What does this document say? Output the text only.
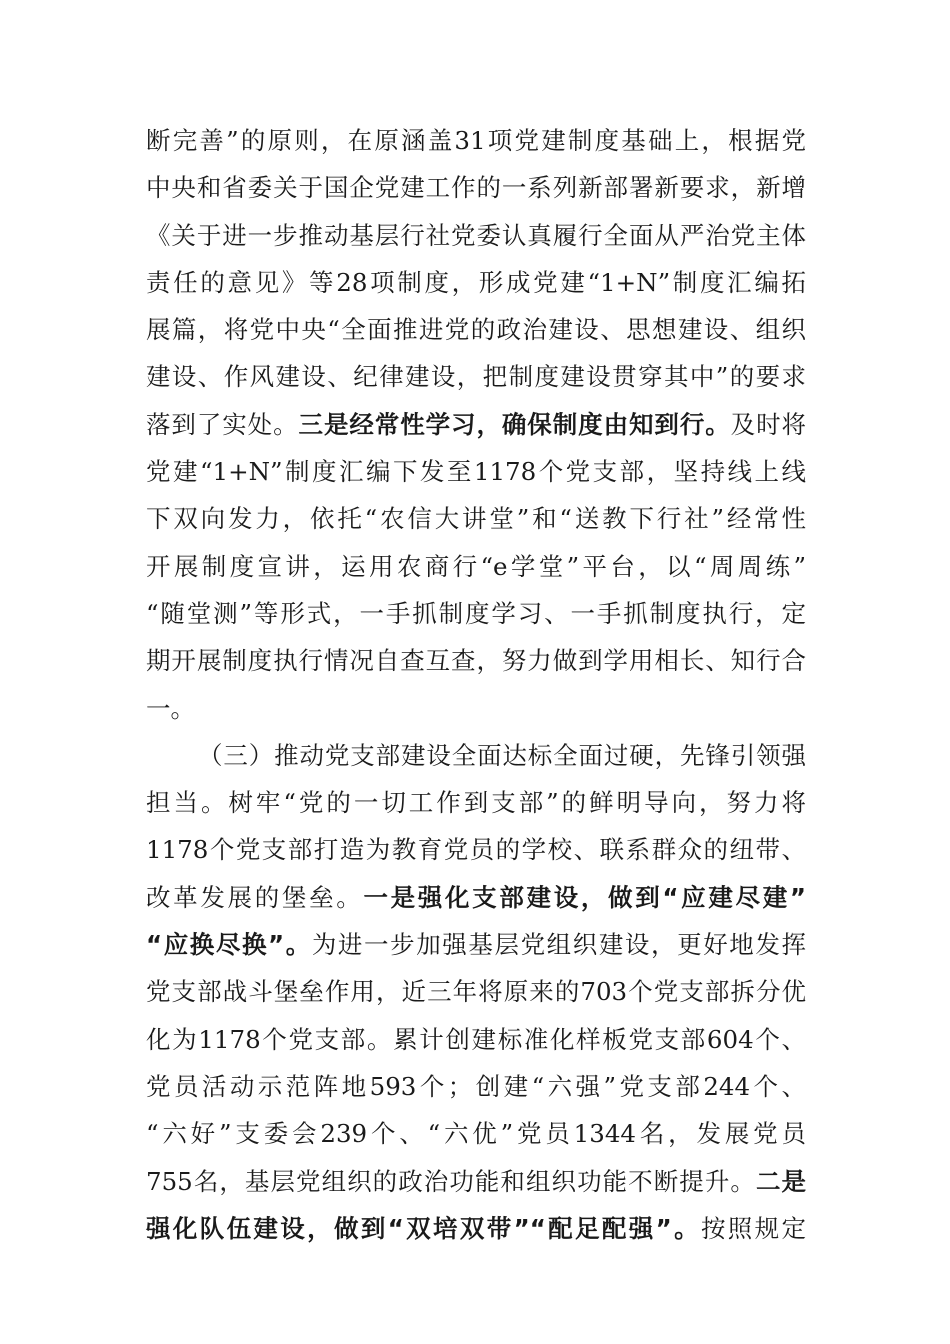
断完善”的原则，在原涵盖31项党建制度基础上，根据党
中央和省委关于国企党建工作的一系列新部署新要求，新增
《关于进一步推动基层行社党委认真履行全面从严治党主体
责任的意见》等28项制度，形成党建“1+N”制度汇编拓
展篇，将党中央“全面推进党的政治建设、思想建设、组织
建设、作风建设、纪律建设，把制度建设贯穿其中”的要求
落到了实处。三是经常性学习，确保制度由知到行。及时将
党建“1+N”制度汇编下发至1178个党支部，坚持线上线
下双向发力，依托“农信大讲堂”和“送教下行社”经常性
开展制度宣讲，运用农商行“e学堂”平台，以“周周练”
“随堂测”等形式，一手抓制度学习、一手抓制度执行，定
期开展制度执行情况自查互查，努力做到学用相长、知行合
一。
（三）推动党支部建设全面达标全面过硬，先锋引领强
担当。树牢“党的一切工作到支部”的鲜明导向，努力将
1178个党支部打造为教育党员的学校、联系群众的纽带、
改革发展的堡垒。一是强化支部建设，做到“应建尽建”
“应换尽换”。为进一步加强基层党组织建设，更好地发挥
党支部战斗堡垒作用，近三年将原来的703个党支部拆分优
化为1178个党支部。累计创建标准化样板党支部604个、
党员活动示范阵地593个；创建“六强”党支部244个、
“六好”支委会239个、“六优”党员1344名，发展党员
755名，基层党组织的政治功能和组织功能不断提升。二是
强化队伍建设，做到“双培双带”“配足配强”。按照规定
